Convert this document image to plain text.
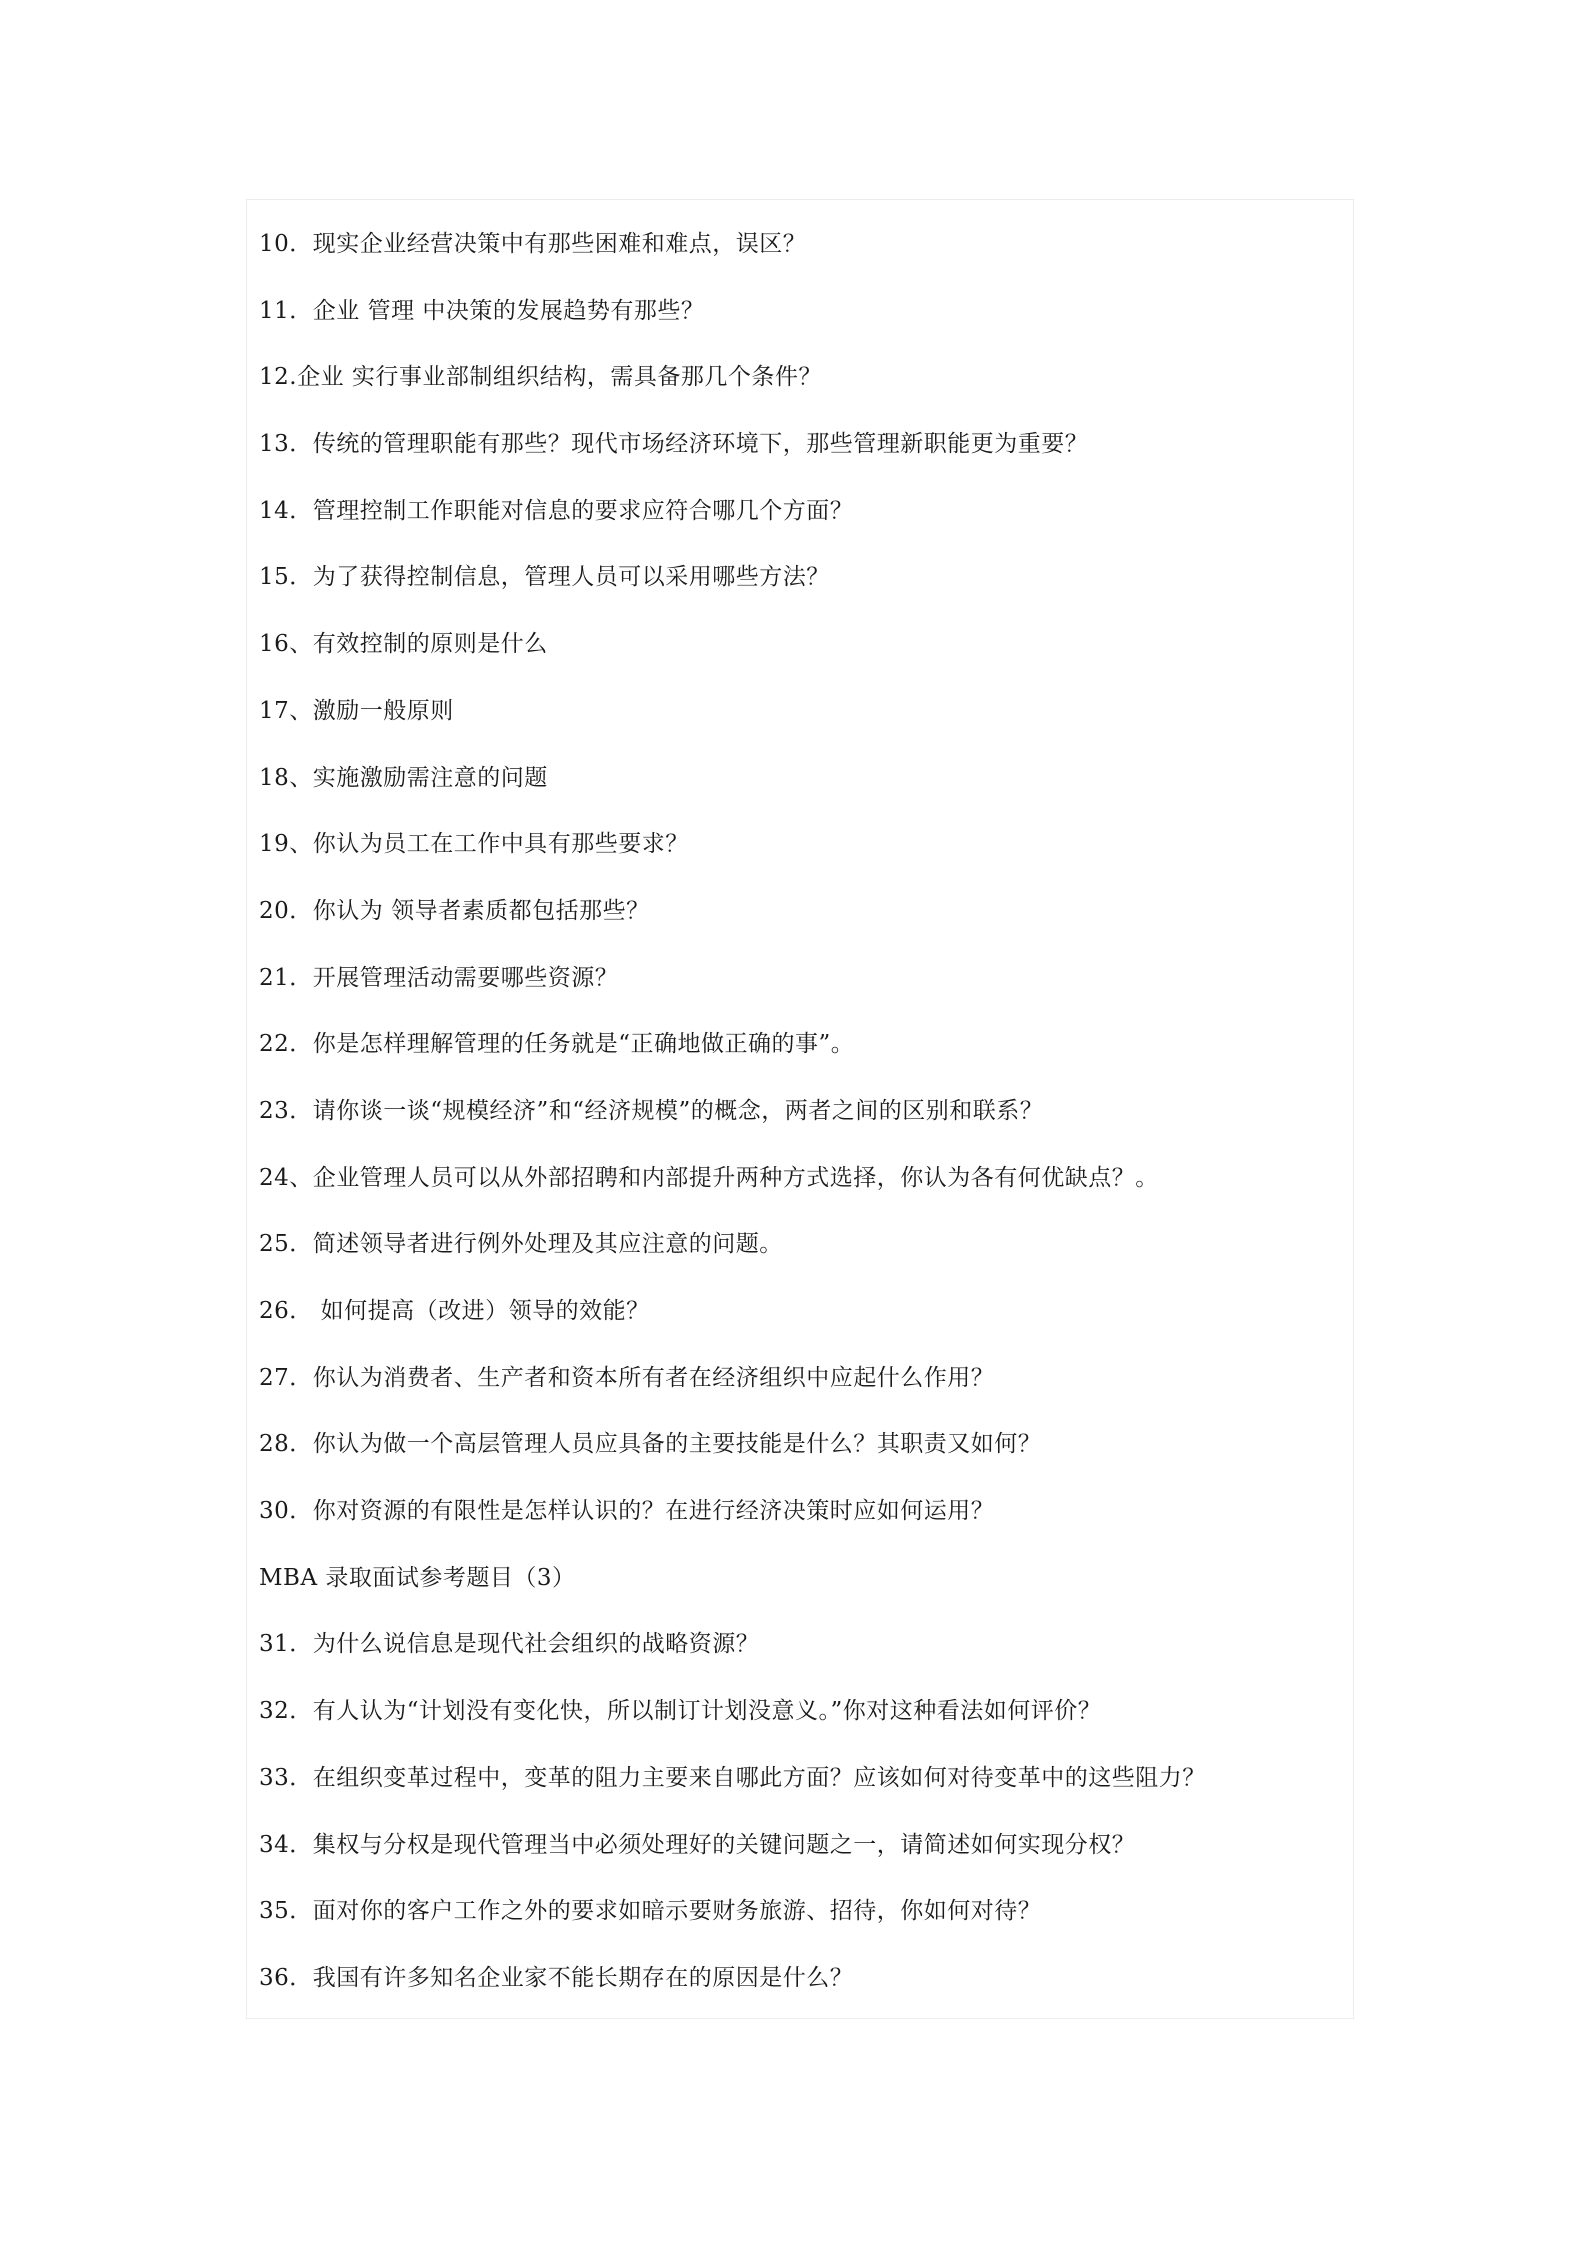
10．现实企业经营决策中有那些困难和难点，误区？
11．企业 管理 中决策的发展趋势有那些？
12.企业 实行事业部制组织结构，需具备那几个条件？
13．传统的管理职能有那些？现代市场经济环境下，那些管理新职能更为重要？
14．管理控制工作职能对信息的要求应符合哪几个方面？
15．为了获得控制信息，管理人员可以采用哪些方法？
16、有效控制的原则是什么
17、激励一般原则
18、实施激励需注意的问题
19、你认为员工在工作中具有那些要求？
20．你认为 领导者素质都包括那些？
21．开展管理活动需要哪些资源？
22．你是怎样理解管理的任务就是“正确地做正确的事”。
23．请你谈一谈“规模经济”和“经济规模”的概念，两者之间的区别和联系？
24、企业管理人员可以从外部招聘和内部提升两种方式选择，你认为各有何优缺点？。
25．简述领导者进行例外处理及其应注意的问题。
26． 如何提高（改进）领导的效能？
27．你认为消费者、生产者和资本所有者在经济组织中应起什么作用？
28．你认为做一个高层管理人员应具备的主要技能是什么？其职责又如何？
30．你对资源的有限性是怎样认识的？在进行经济决策时应如何运用？
MBA 录取面试参考题目（3）
31．为什么说信息是现代社会组织的战略资源？
32．有人认为“计划没有变化快，所以制订计划没意义。”你对这种看法如何评价？
33．在组织变革过程中，变革的阻力主要来自哪此方面？应该如何对待变革中的这些阻力？
34．集权与分权是现代管理当中必须处理好的关键问题之一，请简述如何实现分权？
35．面对你的客户工作之外的要求如暗示要财务旅游、招待，你如何对待？
36．我国有许多知名企业家不能长期存在的原因是什么？
